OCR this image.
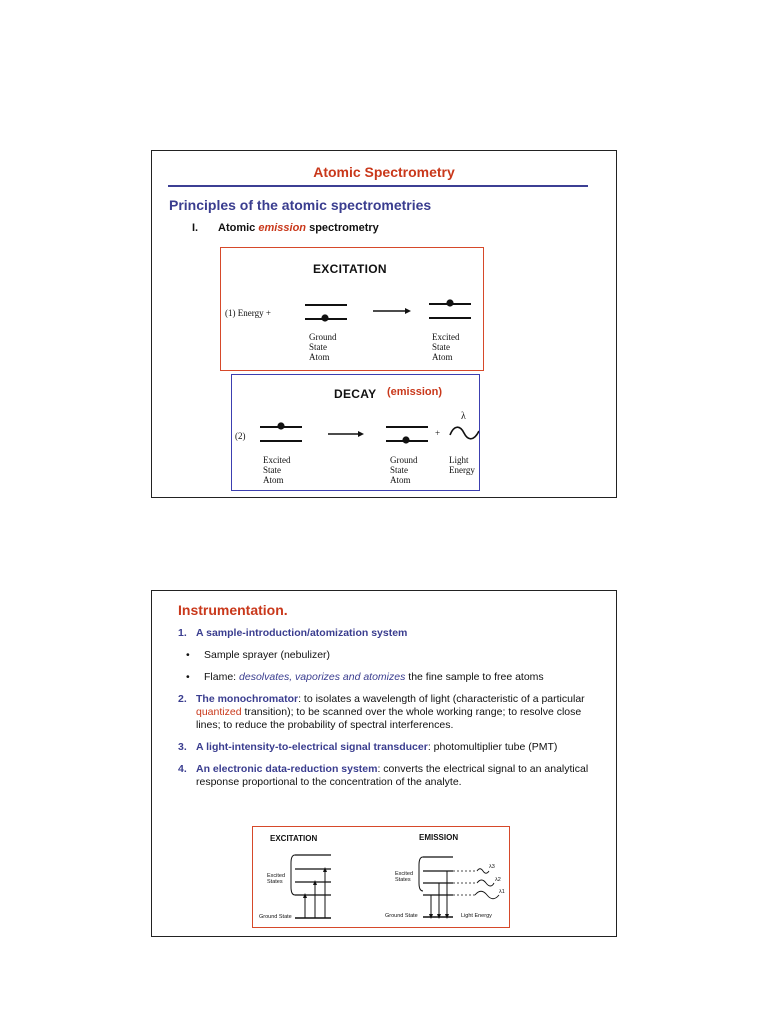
Atomic Spectrometry
Principles of the atomic spectrometries
I. Atomic emission spectrometry
EXCITATION
(1) Energy +
Ground
State
Atom
Excited
State
Atom
DECAY (emission)
(2)	+
λ
Excited
State
Atom
Ground
State
Atom
Light
Energy
Instrumentation.
1. A sample-introduction/atomization system
• Sample sprayer (nebulizer)
• Flame: desolvates, vaporizes and atomizes the fine sample to free atoms
2. The monochromator: to isolates a wavelength of light (characteristic of a particular quantized transition); to be scanned over the whole working range; to resolve close lines; to reduce the probability of spectral interferences.
3. A light-intensity-to-electrical signal transducer: photomultiplier tube (PMT)
4. An electronic data-reduction system: converts the electrical signal to an analytical response proportional to the concentration of the analyte.
EXCITATION	EMISSION
Excited
States
Excited
States
Ground State	Ground State	Light Energy
λ3
λ2
λ1
